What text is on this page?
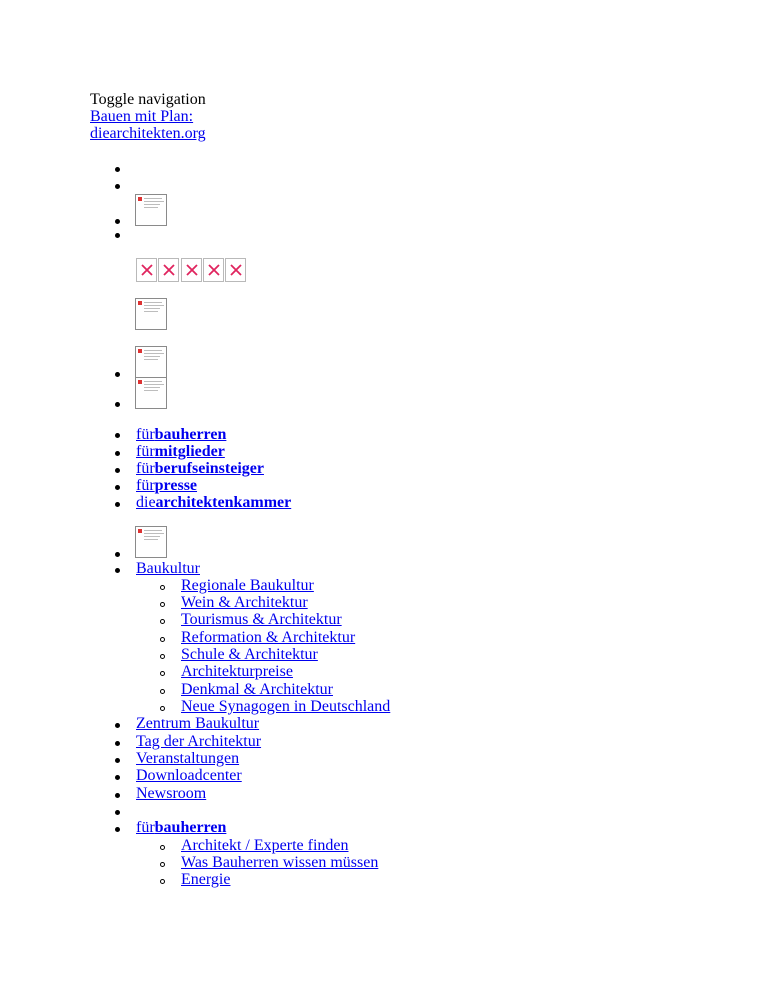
Toggle navigation
Bauen mit Plan:
diearchitekten.org
fürbauherren
fürmitglieder
fürberufseinsteiger
fürpresse
diearchitektenkammer
Baukultur
Regionale Baukultur
Wein & Architektur
Tourismus & Architektur
Reformation & Architektur
Schule & Architektur
Architekturpreise
Denkmal & Architektur
Neue Synagogen in Deutschland
Zentrum Baukultur
Tag der Architektur
Veranstaltungen
Downloadcenter
Newsroom
fürbauherren
Architekt / Experte finden
Was Bauherren wissen müssen
Energie
